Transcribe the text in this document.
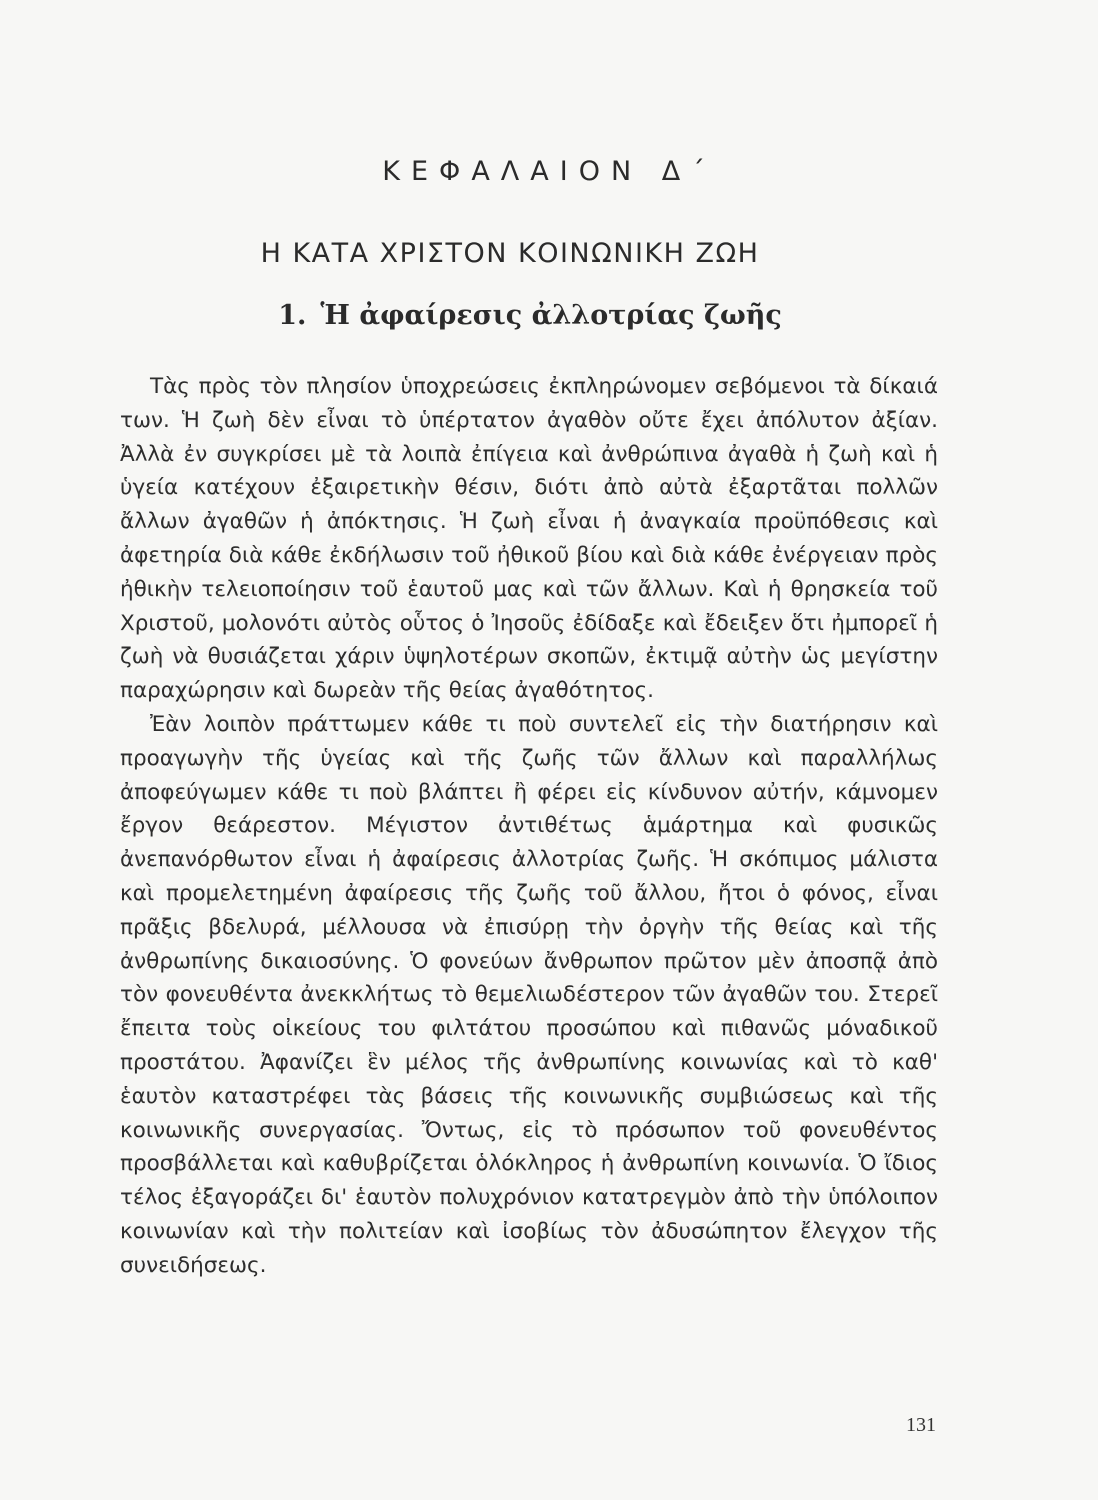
ΚΕΦΑΛΑΙΟΝ Δ΄
Η ΚΑΤΑ ΧΡΙΣΤΟΝ ΚΟΙΝΩΝΙΚΗ ΖΩΗ
1. Ἡ ἀφαίρεσις ἀλλοτρίας ζωῆς

Τὰς πρὸς τὸν πλησίον ὑποχρεώσεις ἐκπληρώνομεν σεβόμενοι τὰ δίκαιά των. Ἡ ζωὴ δὲν εἶναι τὸ ὑπέρτατον ἀγαθὸν οὔτε ἔχει ἀπόλυτον ἀξίαν. Ἀλλὰ ἐν συγκρίσει μὲ τὰ λοιπὰ ἐπίγεια καὶ ἀνθρώπινα ἀγαθὰ ἡ ζωὴ καὶ ἡ ὑγεία κατέχουν ἐξαιρετικὴν θέσιν, διότι ἀπὸ αὐτὰ ἐξαρτᾶται πολλῶν ἄλλων ἀγαθῶν ἡ ἀπόκτησις. Ἡ ζωὴ εἶναι ἡ ἀναγκαία προϋπόθεσις καὶ ἀφετηρία διὰ κάθε ἐκδήλωσιν τοῦ ἠθικοῦ βίου καὶ διὰ κάθε ἐνέργειαν πρὸς ἠθικὴν τελειοποίησιν τοῦ ἑαυτοῦ μας καὶ τῶν ἄλλων. Καὶ ἡ θρησκεία τοῦ Χριστοῦ, μολονότι αὐτὸς οὗτος ὁ Ἰησοῦς ἐδίδαξε καὶ ἔδειξεν ὅτι ἠμπορεῖ ἡ ζωὴ νὰ θυσιάζεται χάριν ὑψηλοτέρων σκοπῶν, ἐκτιμᾷ αὐτὴν ὡς μεγίστην παραχώρησιν καὶ δωρεὰν τῆς θείας ἀγαθότητος.

Ἐὰν λοιπὸν πράττωμεν κάθε τι ποὺ συντελεῖ εἰς τὴν διατήρησιν καὶ προαγωγὴν τῆς ὑγείας καὶ τῆς ζωῆς τῶν ἄλλων καὶ παραλλήλως ἀποφεύγωμεν κάθε τι ποὺ βλάπτει ἢ φέρει εἰς κίνδυνον αὐτήν, κάμνομεν ἔργον θεάρεστον. Μέγιστον ἀντιθέτως ἁμάρτημα καὶ φυσικῶς ἀνεπανόρθωτον εἶναι ἡ ἀφαίρεσις ἀλλοτρίας ζωῆς. Ἡ σκόπιμος μάλιστα καὶ προμελετημένη ἀφαίρεσις τῆς ζωῆς τοῦ ἄλλου, ἤτοι ὁ φόνος, εἶναι πρᾶξις βδελυρά, μέλλουσα νὰ ἐπισύρῃ τὴν ὀργὴν τῆς θείας καὶ τῆς ἀνθρωπίνης δικαιοσύνης. Ὁ φονεύων ἄνθρωπον πρῶτον μὲν ἀποσπᾷ ἀπὸ τὸν φονευθέντα ἀνεκκλήτως τὸ θεμελιωδέστερον τῶν ἀγαθῶν του. Στερεῖ ἔπειτα τοὺς οἰκείους του φιλτάτου προσώπου καὶ πιθανῶς μόναδικοῦ προστάτου. Ἀφανίζει ἓν μέλος τῆς ἀνθρωπίνης κοινωνίας καὶ τὸ καθ' ἑαυτὸν καταστρέφει τὰς βάσεις τῆς κοινωνικῆς συμβιώσεως καὶ τῆς κοινωνικῆς συνεργασίας. Ὄντως, εἰς τὸ πρόσωπον τοῦ φονευθέντος προσβάλλεται καὶ καθυβρίζεται ὁλόκληρος ἡ ἀνθρωπίνη κοινωνία. Ὁ ἴδιος τέλος ἐξαγοράζει δι' ἑαυτὸν πολυχρόνιον κατατρεγμὸν ἀπὸ τὴν ὑπόλοιπον κοινωνίαν καὶ τὴν πολιτείαν καὶ ἰσοβίως τὸν ἀδυσώπητον ἔλεγχον τῆς συνειδήσεως.

131
